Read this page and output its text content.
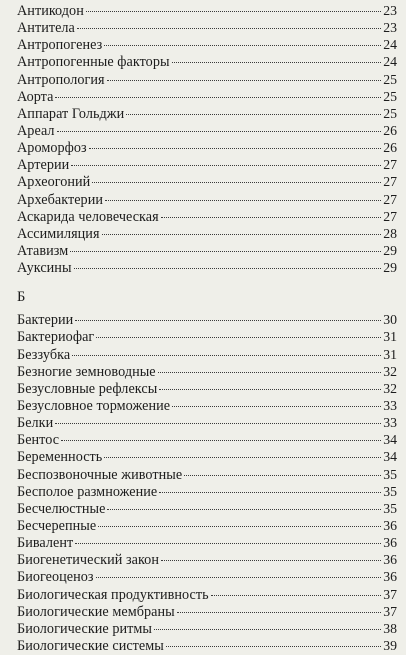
Антикодон	23
Антитела	23
Антропогенез	24
Антропогенные факторы	24
Антропология	25
Аорта	25
Аппарат Гольджи	25
Ареал	26
Ароморфоз	26
Артерии	27
Археогоний	27
Архебактерии	27
Аскарида человеческая	27
Ассимиляция	28
Атавизм	29
Ауксины	29
Б
Бактерии	30
Бактериофаг	31
Беззубка	31
Безногие земноводные	32
Безусловные рефлексы	32
Безусловное торможение	33
Белки	33
Бентос	34
Беременность	34
Беспозвоночные животные	35
Бесполое размножение	35
Бесчелюстные	35
Бесчерепные	36
Бивалент	36
Биогенетический закон	36
Биогеоценоз	36
Биологическая продуктивность	37
Биологические мембраны	37
Биологические ритмы	38
Биологические системы	39
